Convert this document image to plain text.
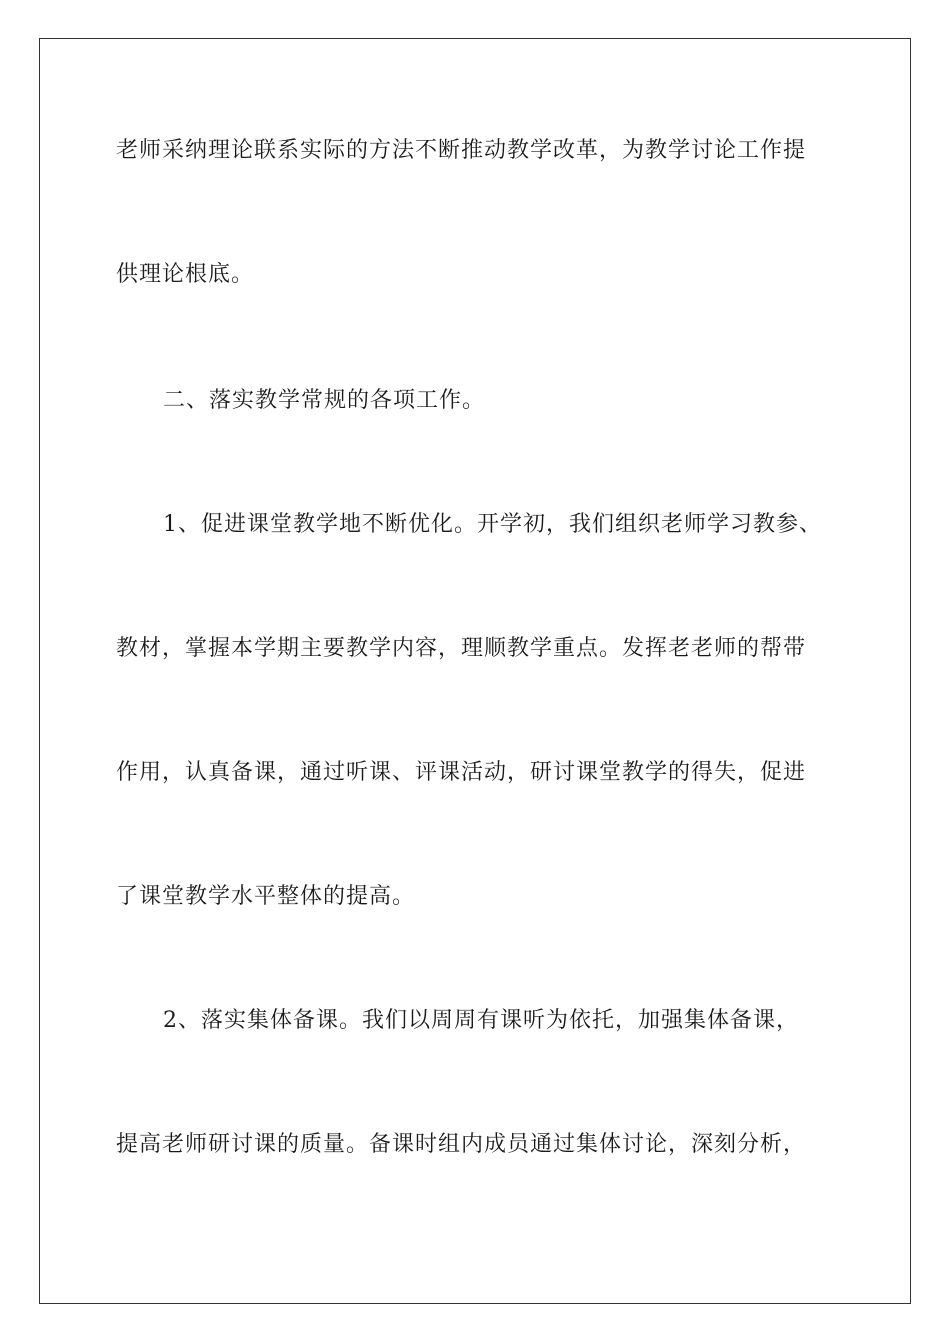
老师采纳理论联系实际的方法不断推动教学改革，为教学讨论工作提
供理论根底。
二、落实教学常规的各项工作。
1、促进课堂教学地不断优化。开学初，我们组织老师学习教参、
教材，掌握本学期主要教学内容，理顺教学重点。发挥老老师的帮带
作用，认真备课，通过听课、评课活动，研讨课堂教学的得失，促进
了课堂教学水平整体的提高。
2、落实集体备课。我们以周周有课听为依托，加强集体备课，
提高老师研讨课的质量。备课时组内成员通过集体讨论，深刻分析，
